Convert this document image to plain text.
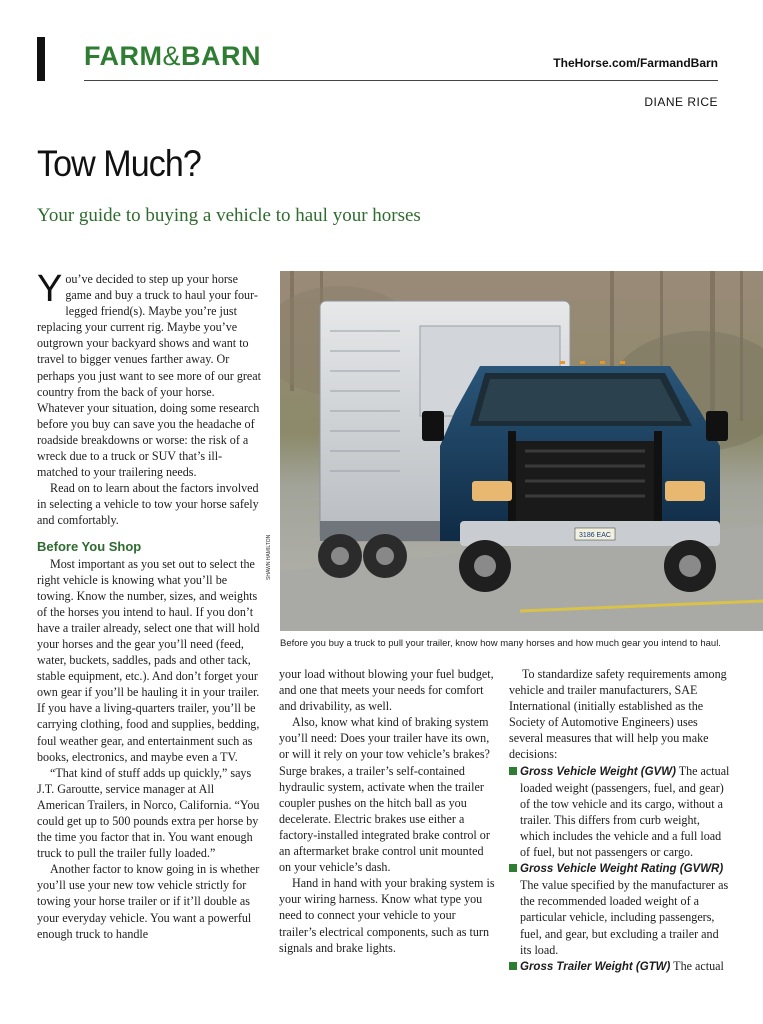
FARM&BARN	TheHorse.com/FarmandBarn
DIANE RICE
Tow Much?
Your guide to buying a vehicle to haul your horses

You’ve decided to step up your horse game and buy a truck to haul your four-legged friend(s). Maybe you’re just replacing your current rig. Maybe you’ve outgrown your backyard shows and want to travel to bigger venues farther away. Or perhaps you just want to see more of our great country from the back of your horse. Whatever your situation, doing some research before you buy can save you the headache of roadside breakdowns or worse: the risk of a wreck due to a truck or SUV that’s ill-matched to your trailering needs.

Read on to learn about the factors involved in selecting a vehicle to tow your horse safely and comfortably.

Before You Shop

Most important as you set out to select the right vehicle is knowing what you’ll be towing. Know the number, sizes, and weights of the horses you intend to haul. If you don’t have a trailer already, select one that will hold your horses and the gear you’ll need (feed, water, buckets, saddles, pads and other tack, stable equipment, etc.). And don’t forget your own gear if you’ll be hauling it in your trailer. If you have a living-quarters trailer, you’ll be carrying clothing, food and supplies, bedding, foul weather gear, and entertainment such as books, electronics, and maybe even a TV.

“That kind of stuff adds up quickly,” says J.T. Garoutte, service manager at All American Trailers, in Norco, California. “You could get up to 500 pounds extra per horse by the time you factor that in. You want enough truck to pull the trailer fully loaded.”

Another factor to know going in is whether you’ll use your new tow vehicle strictly for towing your horse trailer or if it’ll double as your everyday vehicle. You want a powerful enough truck to handle

3186 EAC
SHAWN HAMILTON
Before you buy a truck to pull your trailer, know how many horses and how much gear you intend to haul.

your load without blowing your fuel budget, and one that meets your needs for comfort and drivability, as well.

Also, know what kind of braking system you’ll need: Does your trailer have its own, or will it rely on your tow vehicle’s brakes? Surge brakes, a trailer’s self-contained hydraulic system, activate when the trailer coupler pushes on the hitch ball as you decelerate. Electric brakes use either a factory-installed integrated brake control or an aftermarket brake control unit mounted on your vehicle’s dash.

Hand in hand with your braking system is your wiring harness. Know what type you need to connect your vehicle to your trailer’s electrical components, such as turn signals and brake lights.

To standardize safety requirements among vehicle and trailer manufacturers, SAE International (initially established as the Society of Automotive Engineers) uses several measures that will help you make decisions:

Gross Vehicle Weight (GVW) The actual loaded weight (passengers, fuel, and gear) of the tow vehicle and its cargo, without a trailer. This differs from curb weight, which includes the vehicle and a full load of fuel, but not passengers or cargo.
Gross Vehicle Weight Rating (GVWR) The value specified by the manufacturer as the recommended loaded weight of a particular vehicle, including passengers, fuel, and gear, but excluding a trailer and its load.
Gross Trailer Weight (GTW) The actual
